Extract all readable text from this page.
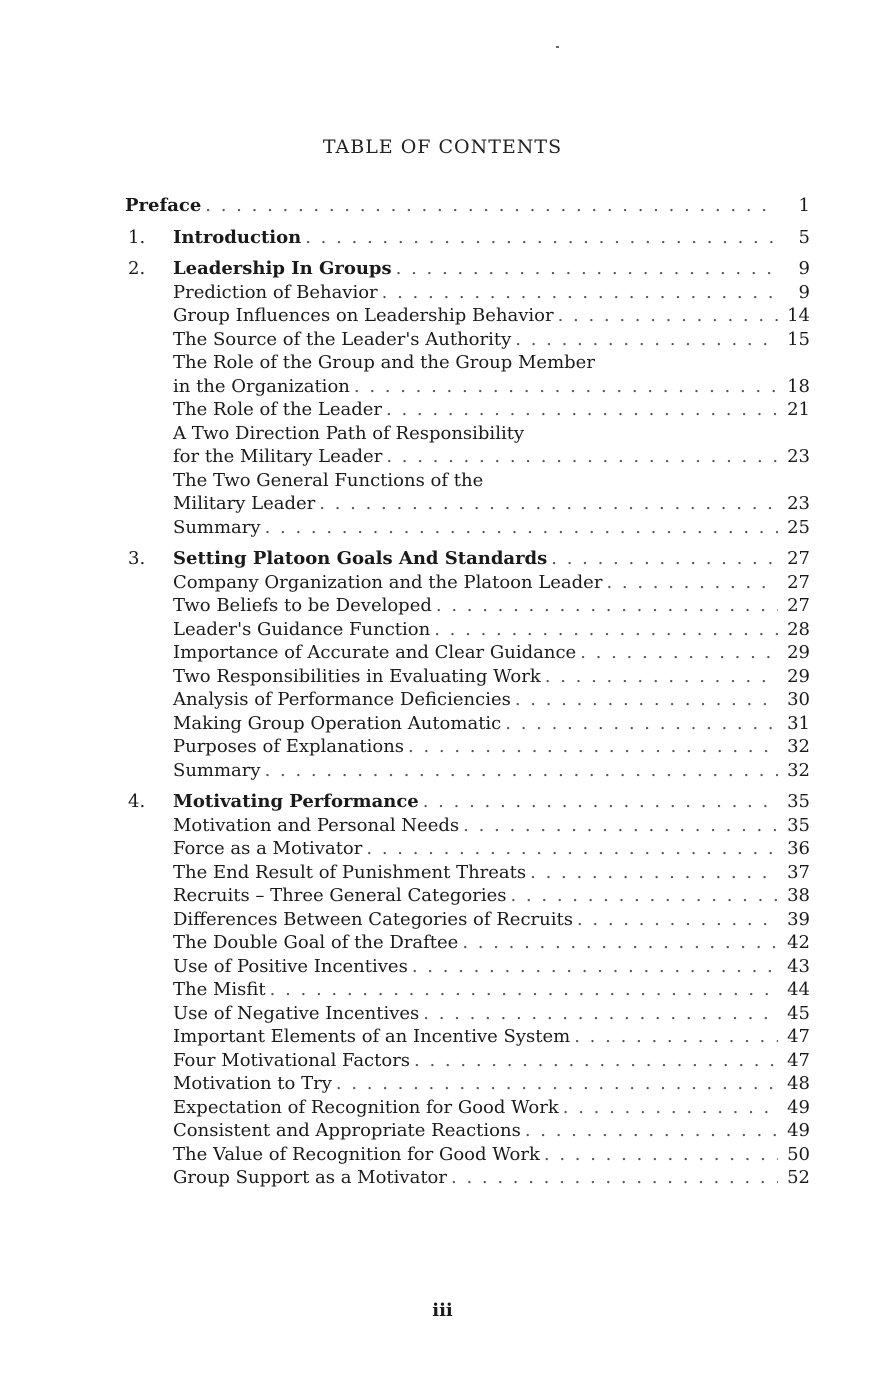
TABLE OF CONTENTS
Preface . . .	1
1.	Introduction . . .	5
2.	Leadership In Groups . . .	9
Prediction of Behavior . . .	9
Group Influences on Leadership Behavior . . .	14
The Source of the Leader's Authority . . .	15
The Role of the Group and the Group Member
in the Organization . . .	18
The Role of the Leader . . .	21
A Two Direction Path of Responsibility
for the Military Leader . . .	23
The Two General Functions of the
Military Leader . . .	23
Summary . . .	25
3.	Setting Platoon Goals And Standards . . .	27
Company Organization and the Platoon Leader . . .	27
Two Beliefs to be Developed . . .	27
Leader's Guidance Function . . .	28
Importance of Accurate and Clear Guidance . . .	29
Two Responsibilities in Evaluating Work . . .	29
Analysis of Performance Deficiencies . . .	30
Making Group Operation Automatic . . .	31
Purposes of Explanations . . .	32
Summary . . .	32
4.	Motivating Performance . . .	35
Motivation and Personal Needs . . .	35
Force as a Motivator . . .	36
The End Result of Punishment Threats . . .	37
Recruits – Three General Categories . . .	38
Differences Between Categories of Recruits . . .	39
The Double Goal of the Draftee . . .	42
Use of Positive Incentives . . .	43
The Misfit . . .	44
Use of Negative Incentives . . .	45
Important Elements of an Incentive System . . .	47
Four Motivational Factors . . .	47
Motivation to Try . . .	48
Expectation of Recognition for Good Work . . .	49
Consistent and Appropriate Reactions . . .	49
The Value of Recognition for Good Work . . .	50
Group Support as a Motivator . . .	52
iii
